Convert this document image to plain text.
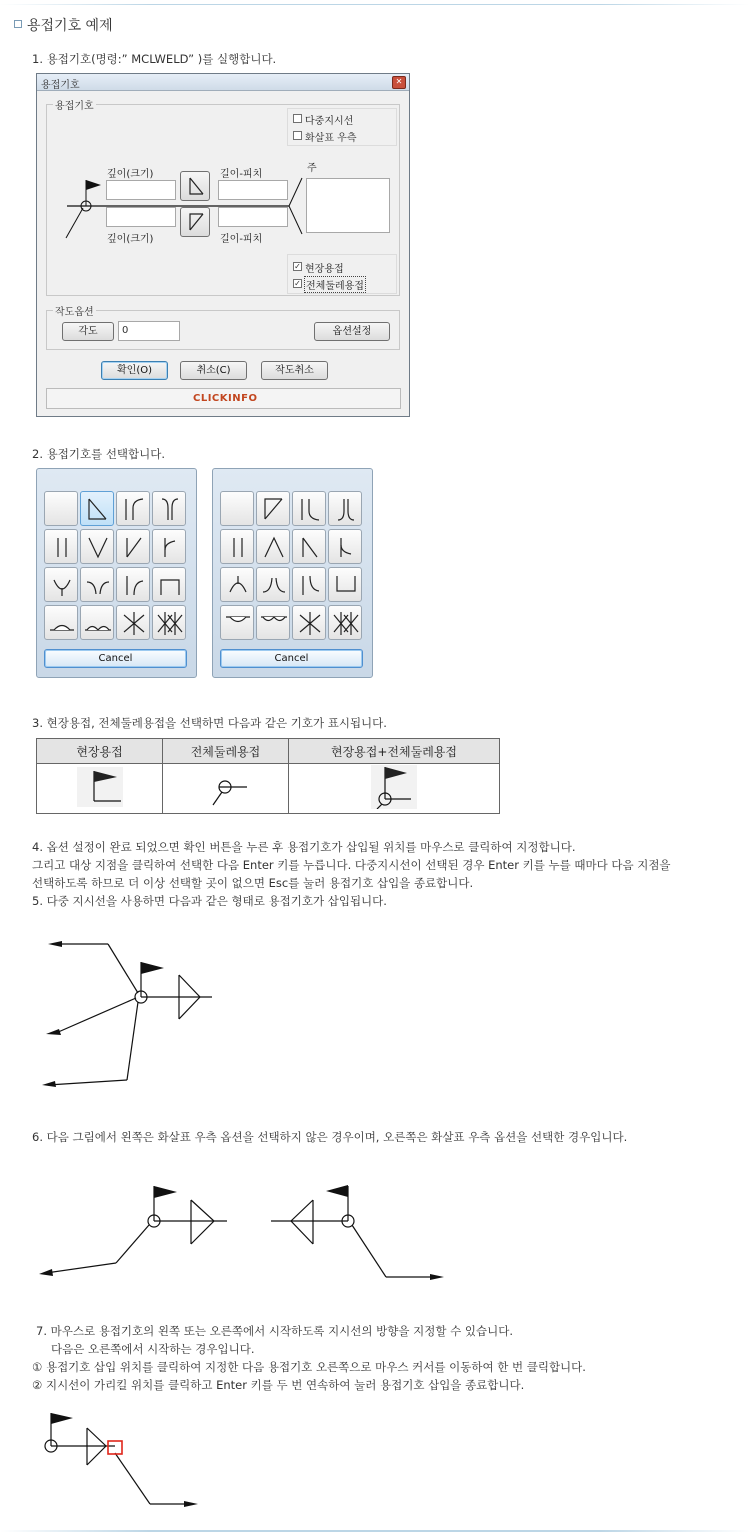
용접기호 예제
1. 용접기호(명령:” MCLWELD” )를 실행합니다.
용접기호	✕
용접기호
다중지시선
화살표 우측
깊이(크기)	길이-피치
깊이(크기)	길이-피치
주
✓ 현장용접
✓ 전체둘레용접
작도옵션
각도	0	옵션설정
확인(O)	취소(C)	작도취소
CLICKINFO
2. 용접기호를 선택합니다.
Cancel	Cancel
3. 현장용접, 전체둘레용접을 선택하면 다음과 같은 기호가 표시됩니다.
현장용접	전체둘레용접	현장용접+전체둘레용접

4. 옵션 설정이 완료 되었으면 확인 버튼을 누른 후 용접기호가 삽입될 위치를 마우스로 클릭하여 지정합니다.
그리고 대상 지점을 클릭하여 선택한 다음 Enter 키를 누릅니다. 다중지시선이 선택된 경우 Enter 키를 누를 때마다 다음 지점을
선택하도록 하므로 더 이상 선택할 곳이 없으면 Esc를 눌러 용접기호 삽입을 종료합니다.
5. 다중 지시선을 사용하면 다음과 같은 형태로 용접기호가 삽입됩니다.
6. 다음 그림에서 왼쪽은 화살표 우측 옵션을 선택하지 않은 경우이며, 오른쪽은 화살표 우측 옵션을 선택한 경우입니다.
7. 마우스로 용접기호의 왼쪽 또는 오른쪽에서 시작하도록 지시선의 방향을 지정할 수 있습니다.
다음은 오른쪽에서 시작하는 경우입니다.
① 용접기호 삽입 위치를 클릭하여 지정한 다음 용접기호 오른쪽으로 마우스 커서를 이동하여 한 번 클릭합니다.
② 지시선이 가리킬 위치를 클릭하고 Enter 키를 두 번 연속하여 눌러 용접기호 삽입을 종료합니다.
